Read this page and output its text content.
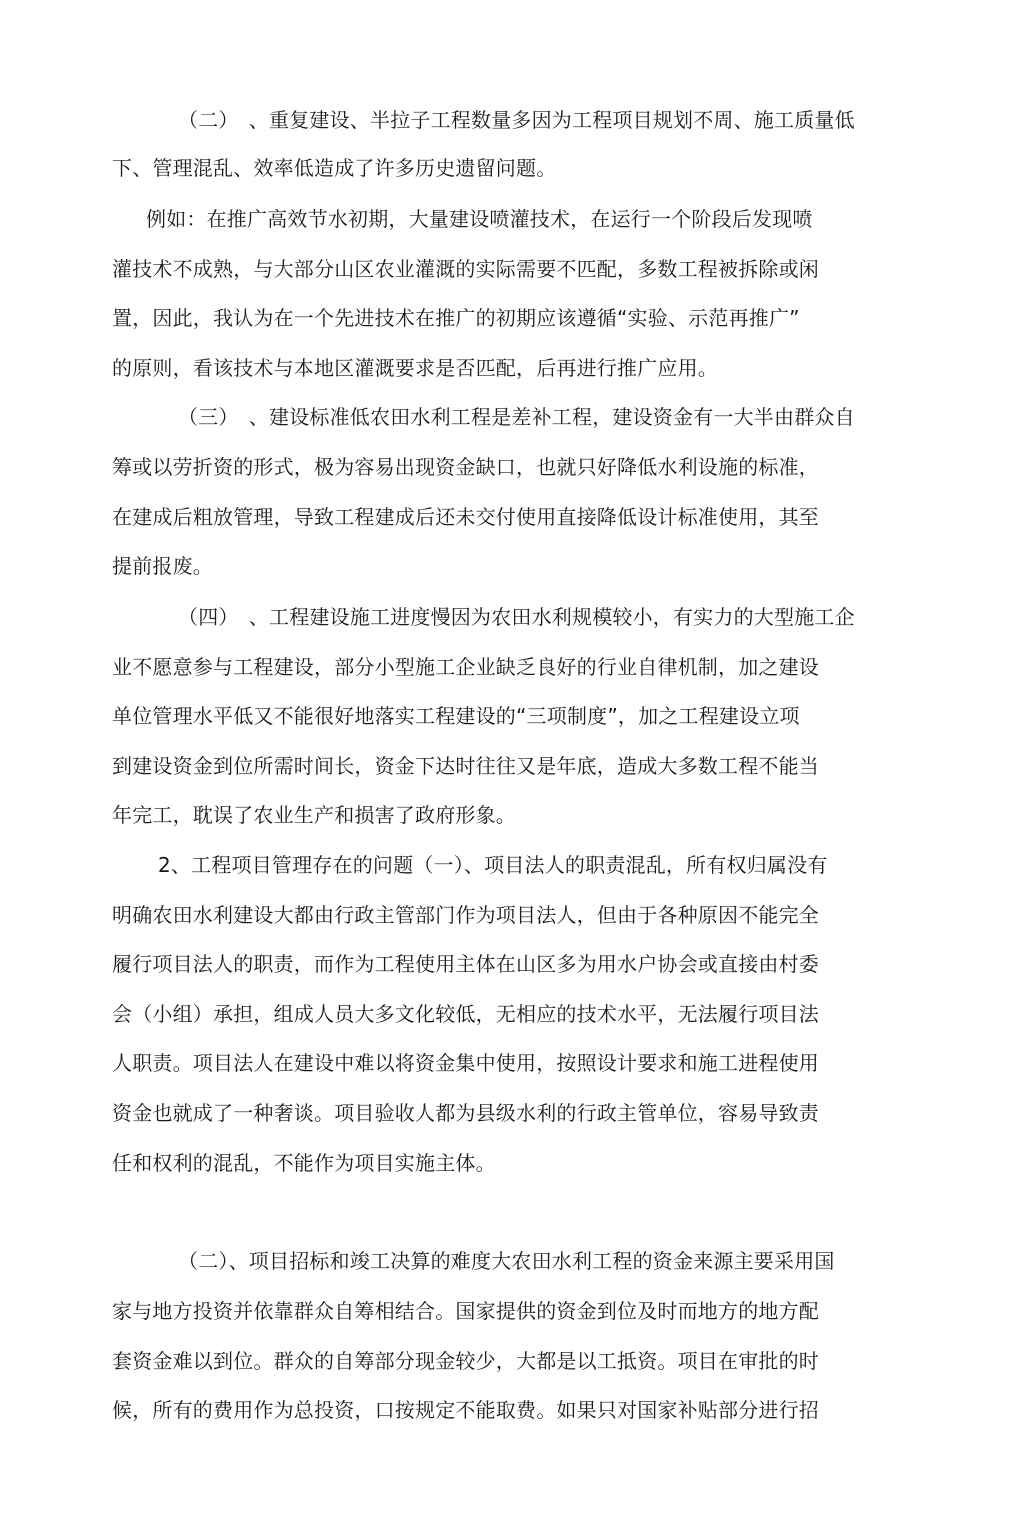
（二）　、重复建设、半拉子工程数量多因为工程项目规划不周、施工质量低
下、管理混乱、效率低造成了许多历史遗留问题。
例如：在推广高效节水初期，大量建设喷灌技术，在运行一个阶段后发现喷
灌技术不成熟，与大部分山区农业灌溉的实际需要不匹配，多数工程被拆除或闲
置，因此，我认为在一个先进技术在推广的初期应该遵循“实验、示范再推广”
的原则，看该技术与本地区灌溉要求是否匹配，后再进行推广应用。
（三）　、建设标准低农田水利工程是差补工程，建设资金有一大半由群众自
筹或以劳折资的形式，极为容易出现资金缺口，也就只好降低水利设施的标准，
在建成后粗放管理，导致工程建成后还未交付使用直接降低设计标准使用，其至
提前报废。
（四）　、工程建设施工进度慢因为农田水利规模较小，有实力的大型施工企
业不愿意参与工程建设，部分小型施工企业缺乏良好的行业自律机制，加之建设
单位管理水平低又不能很好地落实工程建设的“三项制度”，加之工程建设立项
到建设资金到位所需时间长，资金下达时往往又是年底，造成大多数工程不能当
年完工，耽误了农业生产和损害了政府形象。
2、工程项目管理存在的问题（一）、项目法人的职责混乱，所有权归属没有
明确农田水利建设大都由行政主管部门作为项目法人，但由于各种原因不能完全
履行项目法人的职责，而作为工程使用主体在山区多为用水户协会或直接由村委
会（小组）承担，组成人员大多文化较低，无相应的技术水平，无法履行项目法
人职责。项目法人在建设中难以将资金集中使用，按照设计要求和施工进程使用
资金也就成了一种奢谈。项目验收人都为县级水利的行政主管单位，容易导致责
任和权利的混乱，不能作为项目实施主体。
（二）、项目招标和竣工决算的难度大农田水利工程的资金来源主要采用国
家与地方投资并依靠群众自筹相结合。国家提供的资金到位及时而地方的地方配
套资金难以到位。群众的自筹部分现金较少，大都是以工抵资。项目在审批的时
候，所有的费用作为总投资，口按规定不能取费。如果只对国家补贴部分进行招
